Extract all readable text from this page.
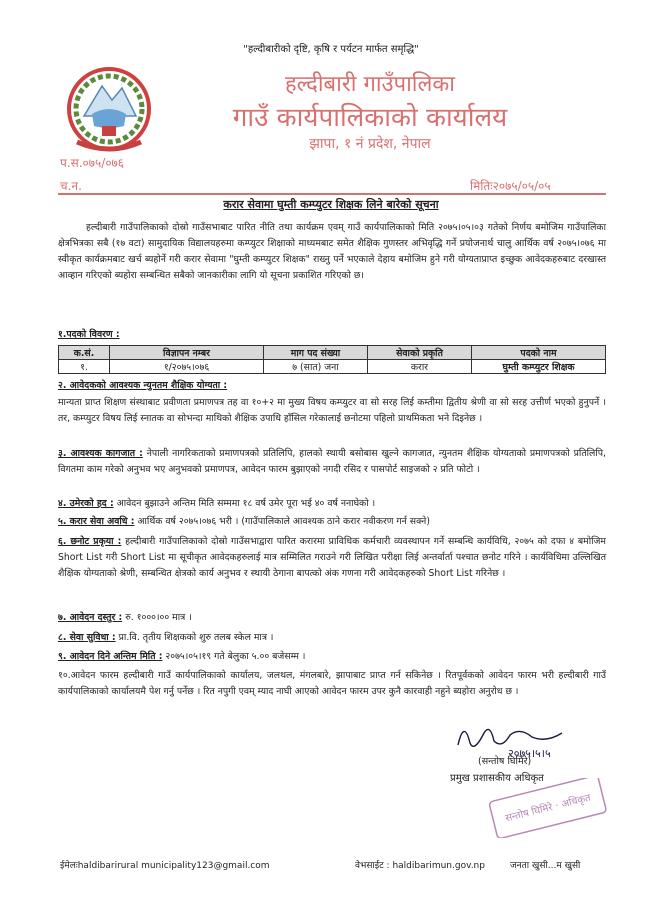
"हल्दीबारीको दृष्टि, कृषि र पर्यटन मार्फत समृद्धि"
हल्दीबारी गाउँपालिका
गाउँ कार्यपालिकाको कार्यालय
झापा, १ नं प्रदेश, नेपाल
प.स.०७५/०७६
च.न.	मितिः२०७५/०५/०५
करार सेवामा घुम्ती कम्प्युटर शिक्षक लिने बारेको सूचना
हल्दीबारी गाउँपालिकाको दोस्रो गाउँसभाबाट पारित नीति तथा कार्यक्रम एवम् गाउँ कार्यपालिकाको मिति २०७५।०५।०३ गतेको निर्णय बमोजिम गाउँपालिका क्षेत्रभित्रका सबै (१७ वटा) सामुदायिक विद्यालयहरुमा कम्प्युटर शिक्षाको माध्यमबाट समेत शैक्षिक गुणस्तर अभिवृद्धि गर्ने प्रयोजनार्थ चालु आर्थिक वर्ष २०७५।०७६ मा स्वीकृत कार्यक्रमबाट खर्च ब्यहोर्ने गरी करार सेवामा "घुम्ती कम्प्युटर शिक्षक" राख्नु पर्ने भएकाले देहाय बमोजिम हुने गरी योग्यताप्राप्त इच्छुक आवेदकहरुबाट दरखास्त आव्हान गरिएको ब्यहोरा सम्बन्धित सबैको जानकारीका लागि यो सूचना प्रकाशित गरिएको छ।
१.पदको विवरण :
क.सं.	विज्ञापन नम्बर	माग पद संख्या	सेवाको प्रकृति	पदको नाम
१.	१/२०७५।०७६	७ (सात) जना	करार	घुम्ती कम्प्युटर शिक्षक
२. आवेदकको आवश्यक न्युनतम शैक्षिक योग्यता :
मान्यता प्राप्त शिक्षण संस्थाबाट प्रवीणता प्रमाणपत्र तह वा १०+२ मा मुख्य विषय कम्प्युटर वा सो सरह लिई कम्तीमा द्वितीय श्रेणी वा सो सरह उत्तीर्ण भएको हुनुपर्ने । तर, कम्प्युटर विषय लिई स्नातक वा सोभन्दा माथिको शैक्षिक उपाधि हाँसिल गरेकालाई छनोटमा पहिलो प्राथमिकता भने दिइनेछ ।
३. आवश्यक कागजात : नेपाली नागरिकताको प्रमाणपत्रको प्रतिलिपि, हालको स्थायी बसोबास खुल्ने कागजात, न्युनतम शैक्षिक योग्यताको प्रमाणपत्रको प्रतिलिपि, विगतमा काम गरेको अनुभव भए अनुभवको प्रमाणपत्र, आवेदन फारम बुझाएको नगदी रसिद र पासपोर्ट साइजको २ प्रति फोटो ।
४. उमेरको हद : आवेदन बुझाउने अन्तिम मिति सम्ममा १८ वर्ष उमेर पूरा भई ४० वर्ष ननाघेको ।
५. करार सेवा अवधि : आर्थिक वर्ष २०७५।०७६ भरी । (गाउँपालिकाले आवश्यक ठाने करार नवीकरण गर्न सक्ने)
६. छनोट प्रकृया : हल्दीबारी गाउँपालिकाको दोस्रो गाउँसभाद्वारा पारित करारमा प्राविधिक कर्मचारी व्यवस्थापन गर्ने सम्बन्धि कार्यविधि, २०७५ को दफा ४ बमोजिम Short List गरी Short List मा सूचीकृत आवेदकहरुलाई मात्र सम्मिलित गराउने गरी लिखित परीक्षा लिई अन्तर्वार्ता पश्चात छनोट गरिने । कार्यविधिमा उल्लिखित शैक्षिक योग्यताको श्रेणी, सम्बन्धित क्षेत्रको कार्य अनुभव र स्थायी ठेगाना बापत्को अंक गणना गरी आवेदकहरुको Short List गरिनेछ ।
७. आवेदन दस्तुर : रु. १०००।०० मात्र ।
८. सेवा सुविधा : प्रा.वि. तृतीय शिक्षकको शुरु तलब स्केल मात्र ।
९. आवेदन दिने अन्तिम मिति : २०७५।०५।१९ गते बेलुका ५.०० बजेसम्म ।
१०.आवेदन फारम हल्दीबारी गाउँ कार्यपालिकाको कार्यालय, जलथल, मंगलबारे, झापाबाट प्राप्त गर्न सकिनेछ । रितपूर्वकको आवेदन फारम भरी हल्दीबारी गाउँ कार्यपालिकाको कार्यालयमै पेश गर्नु पर्नेछ । रित नपुगी एवम् म्याद नाघी आएको आवेदन फारम उपर कुनै कारवाही नहुने ब्यहोरा अनुरोध छ ।
२०७५।५।५
(सन्तोष घिमिरे)
प्रमुख प्रशासकीय अधिकृत
सन्तोष घिमिरे · अधिकृत
ईमेलःhaldibarirural municipality123@gmail.com	वेभसाईट : haldibarimun.gov.np	जनता खुसी...म खुसी
